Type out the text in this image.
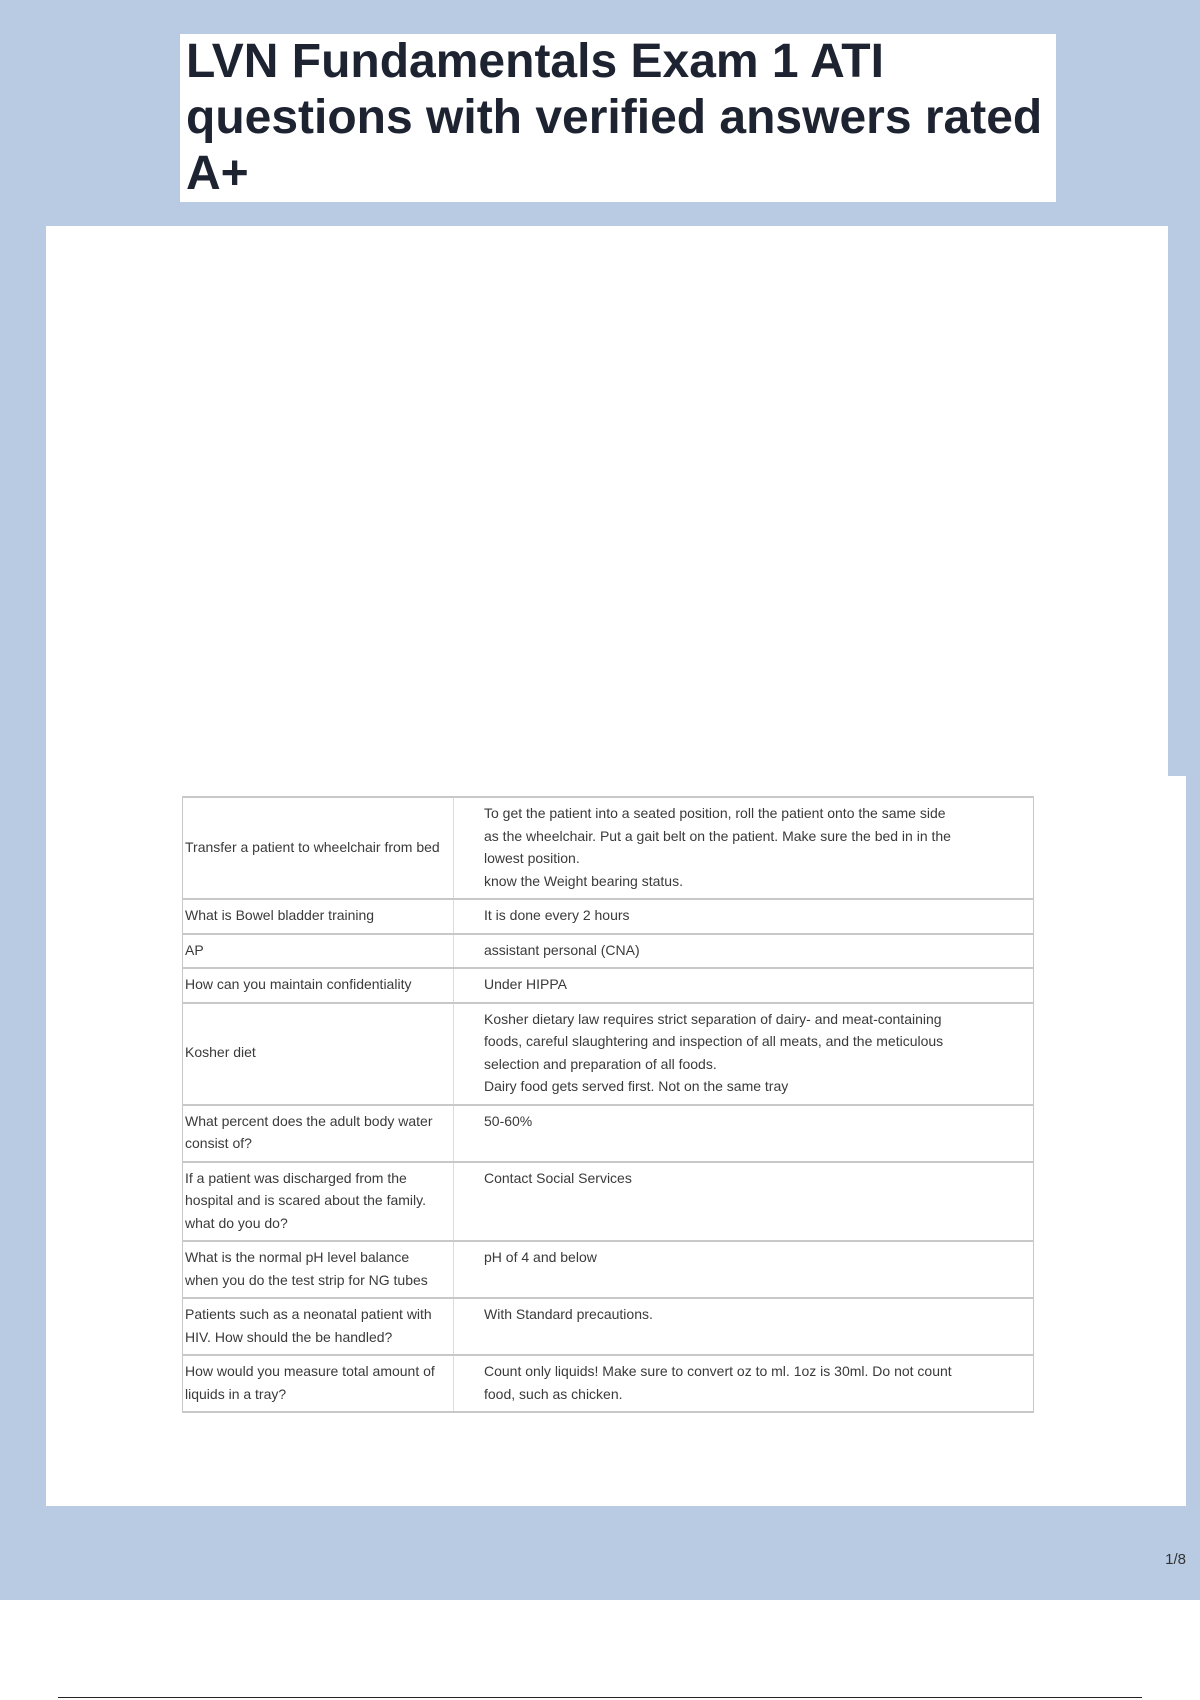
LVN Fundamentals Exam 1 ATI questions with verified answers rated A+
Transfer a patient to wheelchair from bed	To get the patient into a seated position, roll the patient onto the same side as the wheelchair. Put a gait belt on the patient. Make sure the bed in in the lowest position.
know the Weight bearing status.
What is Bowel bladder training	It is done every 2 hours
AP	assistant personal (CNA)
How can you maintain confidentiality	Under HIPPA
Kosher diet	Kosher dietary law requires strict separation of dairy- and meat-containing foods, careful slaughtering and inspection of all meats, and the meticulous selection and preparation of all foods.
Dairy food gets served first. Not on the same tray
What percent does the adult body water consist of?	50-60%
If a patient was discharged from the hospital and is scared about the family. what do you do?	Contact Social Services
What is the normal pH level balance when you do the test strip for NG tubes	pH of 4 and below
Patients such as a neonatal patient with HIV. How should the be handled?	With Standard precautions.
How would you measure total amount of liquids in a tray?	Count only liquids! Make sure to convert oz to ml. 1oz is 30ml. Do not count food, such as chicken.
1/8
